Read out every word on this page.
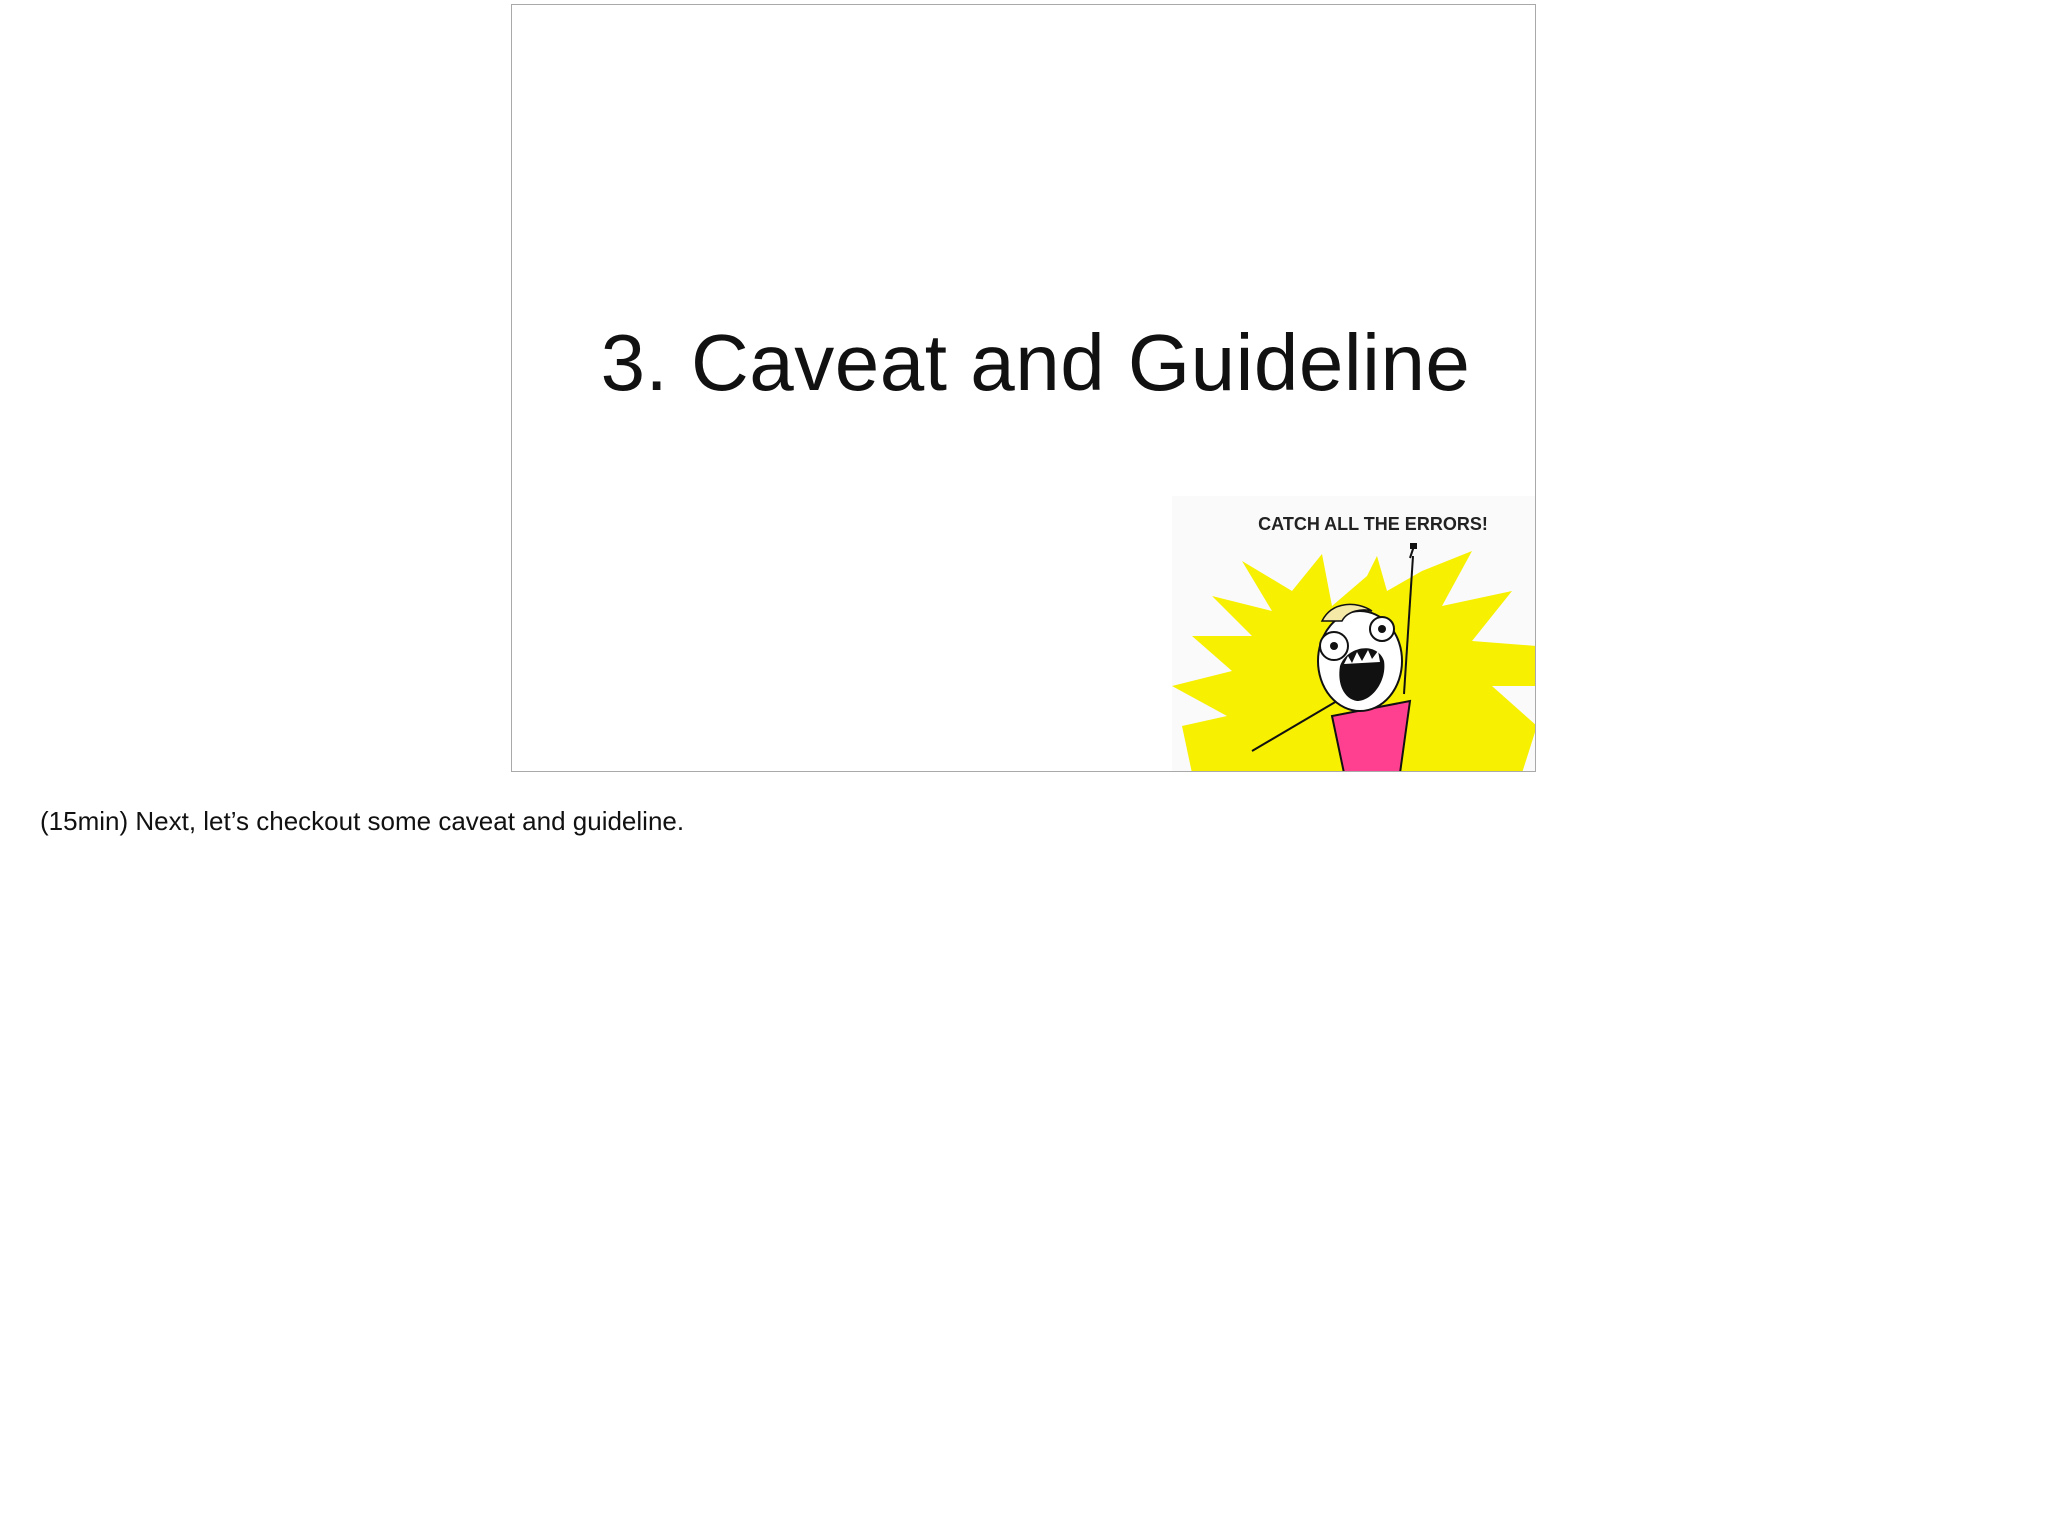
3. Caveat and Guideline
CATCH ALL THE ERRORS!
(15min) Next, let’s checkout some caveat and guideline.
